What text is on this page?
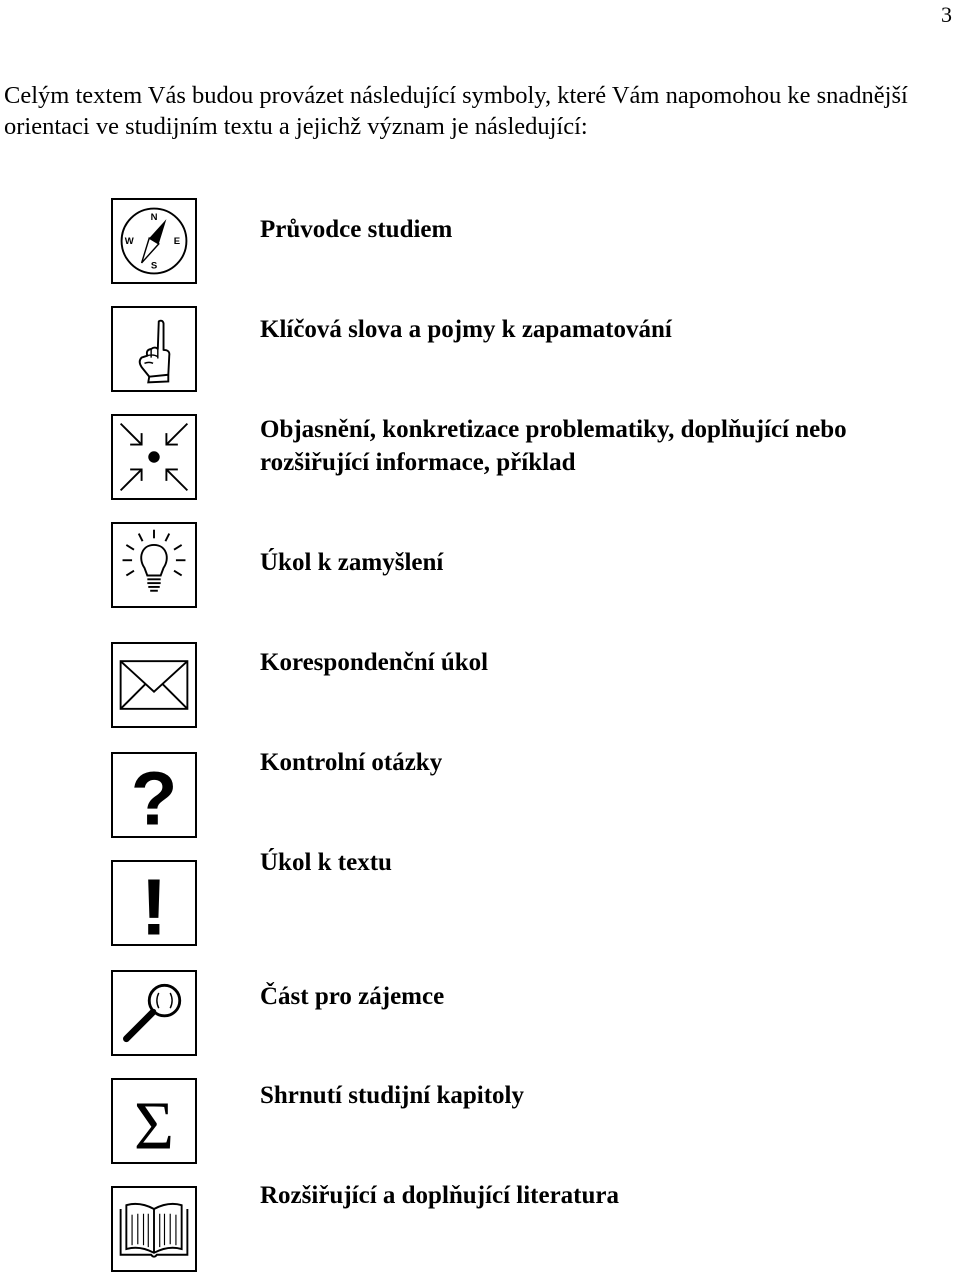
3

Celým textem Vás budou provázet následující symboly, které Vám napomohou ke snadnější orientaci ve studijním textu a jejichž význam je následující:

N
W	E
S
Průvodce studiem
Klíčová slova a pojmy k zapamatování
Objasnění, konkretizace problematiky, doplňující nebo
rozšiřující informace, příklad
Úkol k zamyšlení
Korespondenční úkol
?	Kontrolní otázky
!	Úkol k textu
Část pro zájemce
Σ	Shrnutí studijní kapitoly
Rozšiřující a doplňující literatura
